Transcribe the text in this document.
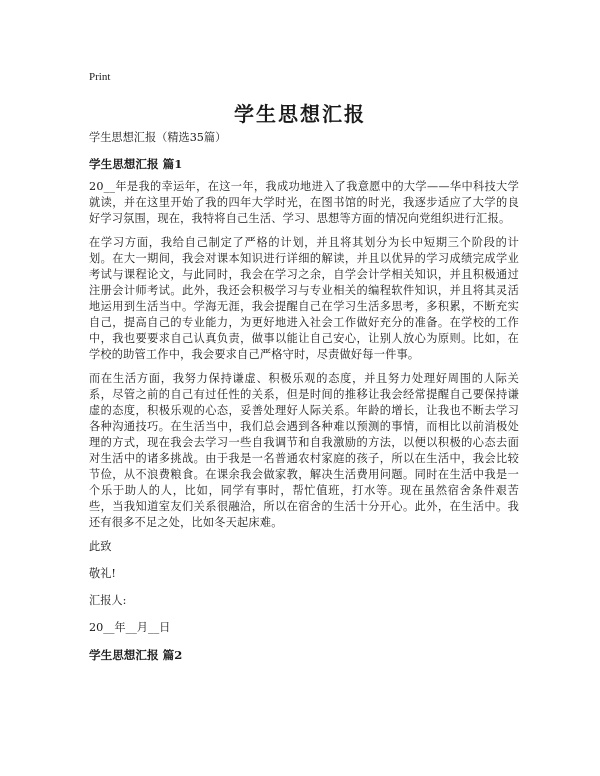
Print
学生思想汇报

学生思想汇报（精选35篇）

学生思想汇报 篇1

20__年是我的幸运年，在这一年，我成功地进入了我意愿中的大学——华中科技大学就读，并在这里开始了我的四年大学时光，在图书馆的时光，我逐步适应了大学的良好学习氛围，现在，我特将自己生活、学习、思想等方面的情况向党组织进行汇报。

在学习方面，我给自己制定了严格的计划，并且将其划分为长中短期三个阶段的计划。在大一期间，我会对课本知识进行详细的解读，并且以优异的学习成绩完成学业考试与课程论文，与此同时，我会在学习之余，自学会计学相关知识，并且积极通过注册会计师考试。此外，我还会积极学习与专业相关的编程软件知识，并且将其灵活地运用到生活当中。学海无涯，我会提醒自己在学习生活多思考，多积累，不断充实自己，提高自己的专业能力，为更好地进入社会工作做好充分的准备。在学校的工作中，我也要要求自己认真负责，做事以能让自己安心，让别人放心为原则。比如，在学校的助管工作中，我会要求自己严格守时，尽责做好每一件事。

而在生活方面，我努力保持谦虚、积极乐观的态度，并且努力处理好周围的人际关系，尽管之前的自己有过任性的关系，但是时间的推移让我会经常提醒自己要保持谦虚的态度，积极乐观的心态，妥善处理好人际关系。年龄的增长，让我也不断去学习各种沟通技巧。在生活当中，我们总会遇到各种难以预测的事情，而相比以前消极处理的方式，现在我会去学习一些自我调节和自我激励的方法，以便以积极的心态去面对生活中的诸多挑战。由于我是一名普通农村家庭的孩子，所以在生活中，我会比较节俭，从不浪费粮食。在课余我会做家教，解决生活费用问题。同时在生活中我是一个乐于助人的人，比如，同学有事时，帮忙值班，打水等。现在虽然宿舍条件艰苦些，当我知道室友们关系很融洽，所以在宿舍的生活十分开心。此外，在生活中。我还有很多不足之处，比如冬天起床难。

此致

敬礼!

汇报人:

20__年__月__日

学生思想汇报 篇2
